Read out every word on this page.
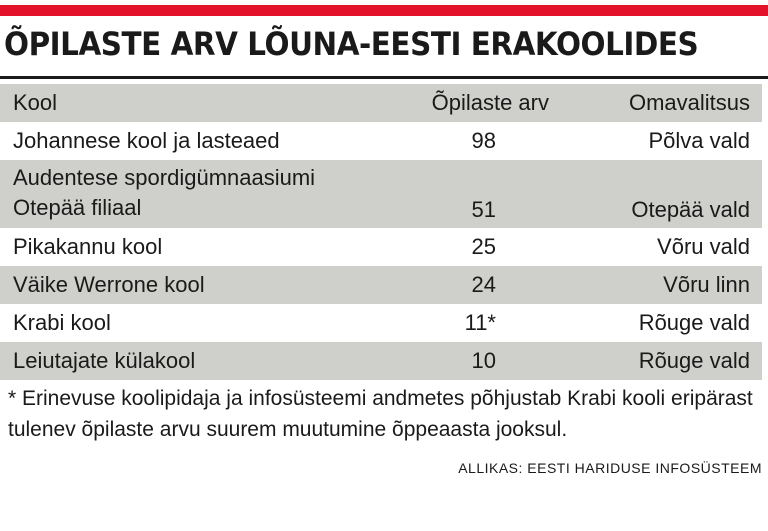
ÕPILASTE ARV LÕUNA-EESTI ERAKOOLIDES
Kool	Õpilaste arv	Omavalitsus
Johannese kool ja lasteaed	98	Põlva vald
Audentese spordigümnaasiumi Otepää filiaal	51	Otepää vald
Pikakannu kool	25	Võru vald
Väike Werrone kool	24	Võru linn
Krabi kool	11*	Rõuge vald
Leiutajate külakool	10	Rõuge vald
* Erinevuse koolipidaja ja infosüsteemi andmetes põhjustab Krabi kooli eripärast tulenev õpilaste arvu suurem muutumine õppeaasta jooksul.
ALLIKAS: EESTI HARIDUSE INFOSÜSTEEM
